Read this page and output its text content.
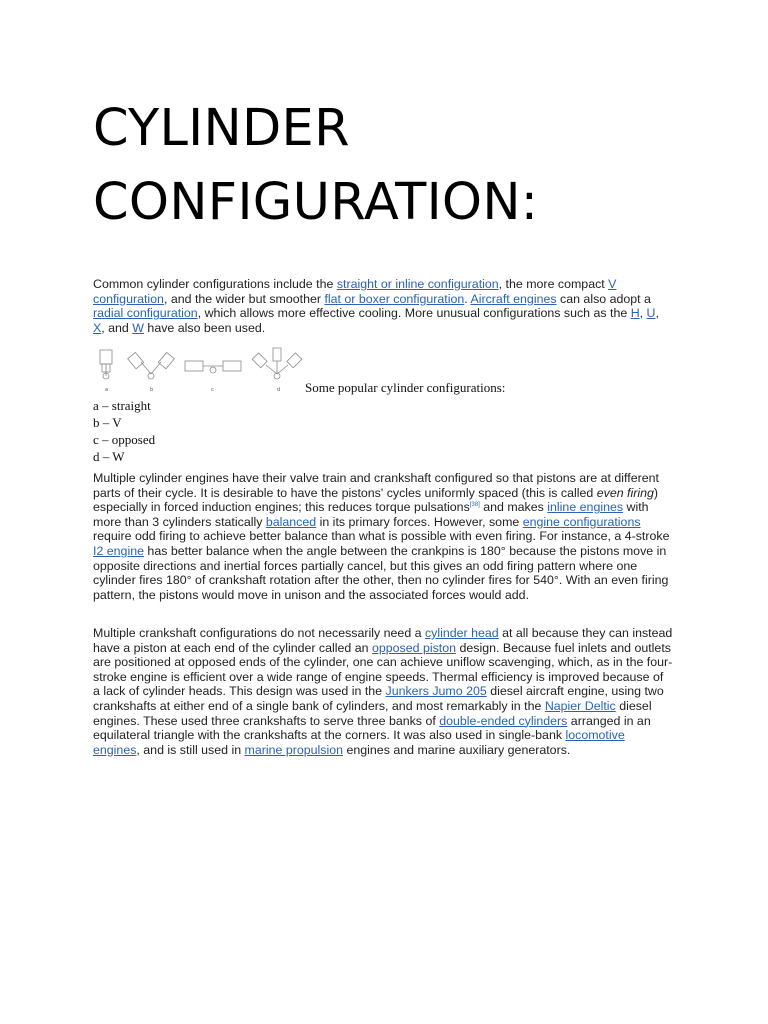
CYLINDER CONFIGURATION:

Common cylinder configurations include the straight or inline configuration, the more compact V configuration, and the wider but smoother flat or boxer configuration. Aircraft engines can also adopt a radial configuration, which allows more effective cooling. More unusual configurations such as the H, U, X, and W have also been used.

a	b	c	d Some popular cylinder configurations:
a – straight
b – V
c – opposed
d – W

Multiple cylinder engines have their valve train and crankshaft configured so that pistons are at different parts of their cycle. It is desirable to have the pistons' cycles uniformly spaced (this is called even firing) especially in forced induction engines; this reduces torque pulsations[38] and makes inline engines with more than 3 cylinders statically balanced in its primary forces. However, some engine configurations require odd firing to achieve better balance than what is possible with even firing. For instance, a 4-stroke I2 engine has better balance when the angle between the crankpins is 180° because the pistons move in opposite directions and inertial forces partially cancel, but this gives an odd firing pattern where one cylinder fires 180° of crankshaft rotation after the other, then no cylinder fires for 540°. With an even firing pattern, the pistons would move in unison and the associated forces would add.

Multiple crankshaft configurations do not necessarily need a cylinder head at all because they can instead have a piston at each end of the cylinder called an opposed piston design. Because fuel inlets and outlets are positioned at opposed ends of the cylinder, one can achieve uniflow scavenging, which, as in the four-stroke engine is efficient over a wide range of engine speeds. Thermal efficiency is improved because of a lack of cylinder heads. This design was used in the Junkers Jumo 205 diesel aircraft engine, using two crankshafts at either end of a single bank of cylinders, and most remarkably in the Napier Deltic diesel engines. These used three crankshafts to serve three banks of double-ended cylinders arranged in an equilateral triangle with the crankshafts at the corners. It was also used in single-bank locomotive engines, and is still used in marine propulsion engines and marine auxiliary generators.
